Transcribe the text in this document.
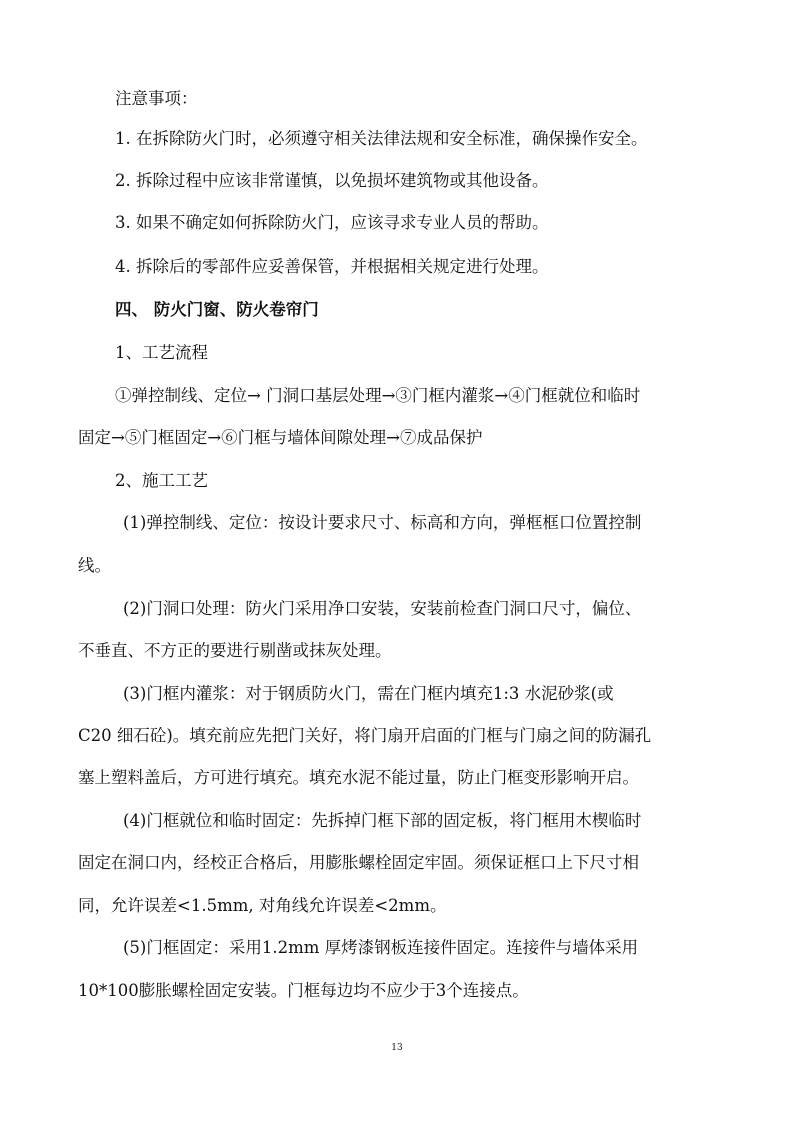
注意事项：
1. 在拆除防火门时，必须遵守相关法律法规和安全标准，确保操作安全。
2. 拆除过程中应该非常谨慎，以免损坏建筑物或其他设备。
3. 如果不确定如何拆除防火门，应该寻求专业人员的帮助。
4. 拆除后的零部件应妥善保管，并根据相关规定进行处理。
四、 防火门窗、防火卷帘门
1、工艺流程
①弹控制线、定位→ 门洞口基层处理→③门框内灌浆→④门框就位和临时
固定→⑤门框固定→⑥门框与墙体间隙处理→⑦成品保护
2、施工工艺
(1)弹控制线、定位：按设计要求尺寸、标高和方向，弹框框口位置控制
线。
(2)门洞口处理：防火门采用净口安装，安装前检查门洞口尺寸，偏位、
不垂直、不方正的要进行剔凿或抹灰处理。
(3)门框内灌浆：对于钢质防火门，需在门框内填充1:3 水泥砂浆(或
C20 细石砼)。填充前应先把门关好，将门扇开启面的门框与门扇之间的防漏孔
塞上塑料盖后，方可进行填充。填充水泥不能过量，防止门框变形影响开启。
(4)门框就位和临时固定：先拆掉门框下部的固定板，将门框用木楔临时
固定在洞口内，经校正合格后，用膨胀螺栓固定牢固。须保证框口上下尺寸相
同，允许误差<1.5mm, 对角线允许误差<2mm。
(5)门框固定：采用1.2mm 厚烤漆钢板连接件固定。连接件与墙体采用
10*100膨胀螺栓固定安装。门框每边均不应少于3个连接点。
13
